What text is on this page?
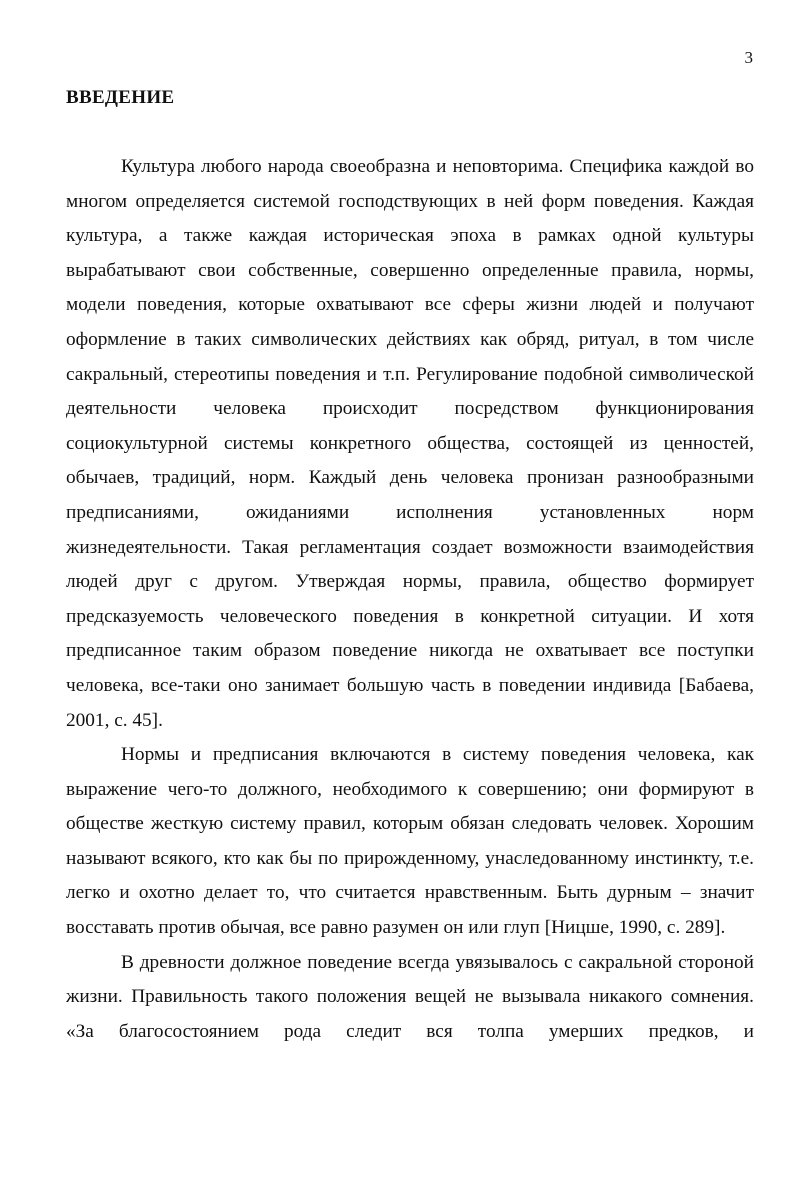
3
ВВЕДЕНИЕ

Культура любого народа своеобразна и неповторима. Специфика каждой во многом определяется системой господствующих в ней форм поведения. Каждая культура, а также каждая историческая эпоха в рамках одной культуры вырабатывают свои собственные, совершенно определенные правила, нормы, модели поведения, которые охватывают все сферы жизни людей и получают оформление в таких символических действиях как обряд, ритуал, в том числе сакральный, стереотипы поведения и т.п. Регулирование подобной символической деятельности человека происходит посредством функционирования социокультурной системы конкретного общества, состоящей из ценностей, обычаев, традиций, норм. Каждый день человека пронизан разнообразными предписаниями, ожиданиями исполнения установленных норм жизнедеятельности. Такая регламентация создает возможности взаимодействия людей друг с другом. Утверждая нормы, правила, общество формирует предсказуемость человеческого поведения в конкретной ситуации. И хотя предписанное таким образом поведение никогда не охватывает все поступки человека, все-таки оно занимает большую часть в поведении индивида [Бабаева, 2001, с. 45].

Нормы и предписания включаются в систему поведения человека, как выражение чего-то должного, необходимого к совершению; они формируют в обществе жесткую систему правил, которым обязан следовать человек. Хорошим называют всякого, кто как бы по прирожденному, унаследованному инстинкту, т.е. легко и охотно делает то, что считается нравственным. Быть дурным – значит восставать против обычая, все равно разумен он или глуп [Ницше, 1990, с. 289].

В древности должное поведение всегда увязывалось с сакральной стороной жизни. Правильность такого положения вещей не вызывала никакого сомнения. «За благосостоянием рода следит вся толпа умерших предков, и
